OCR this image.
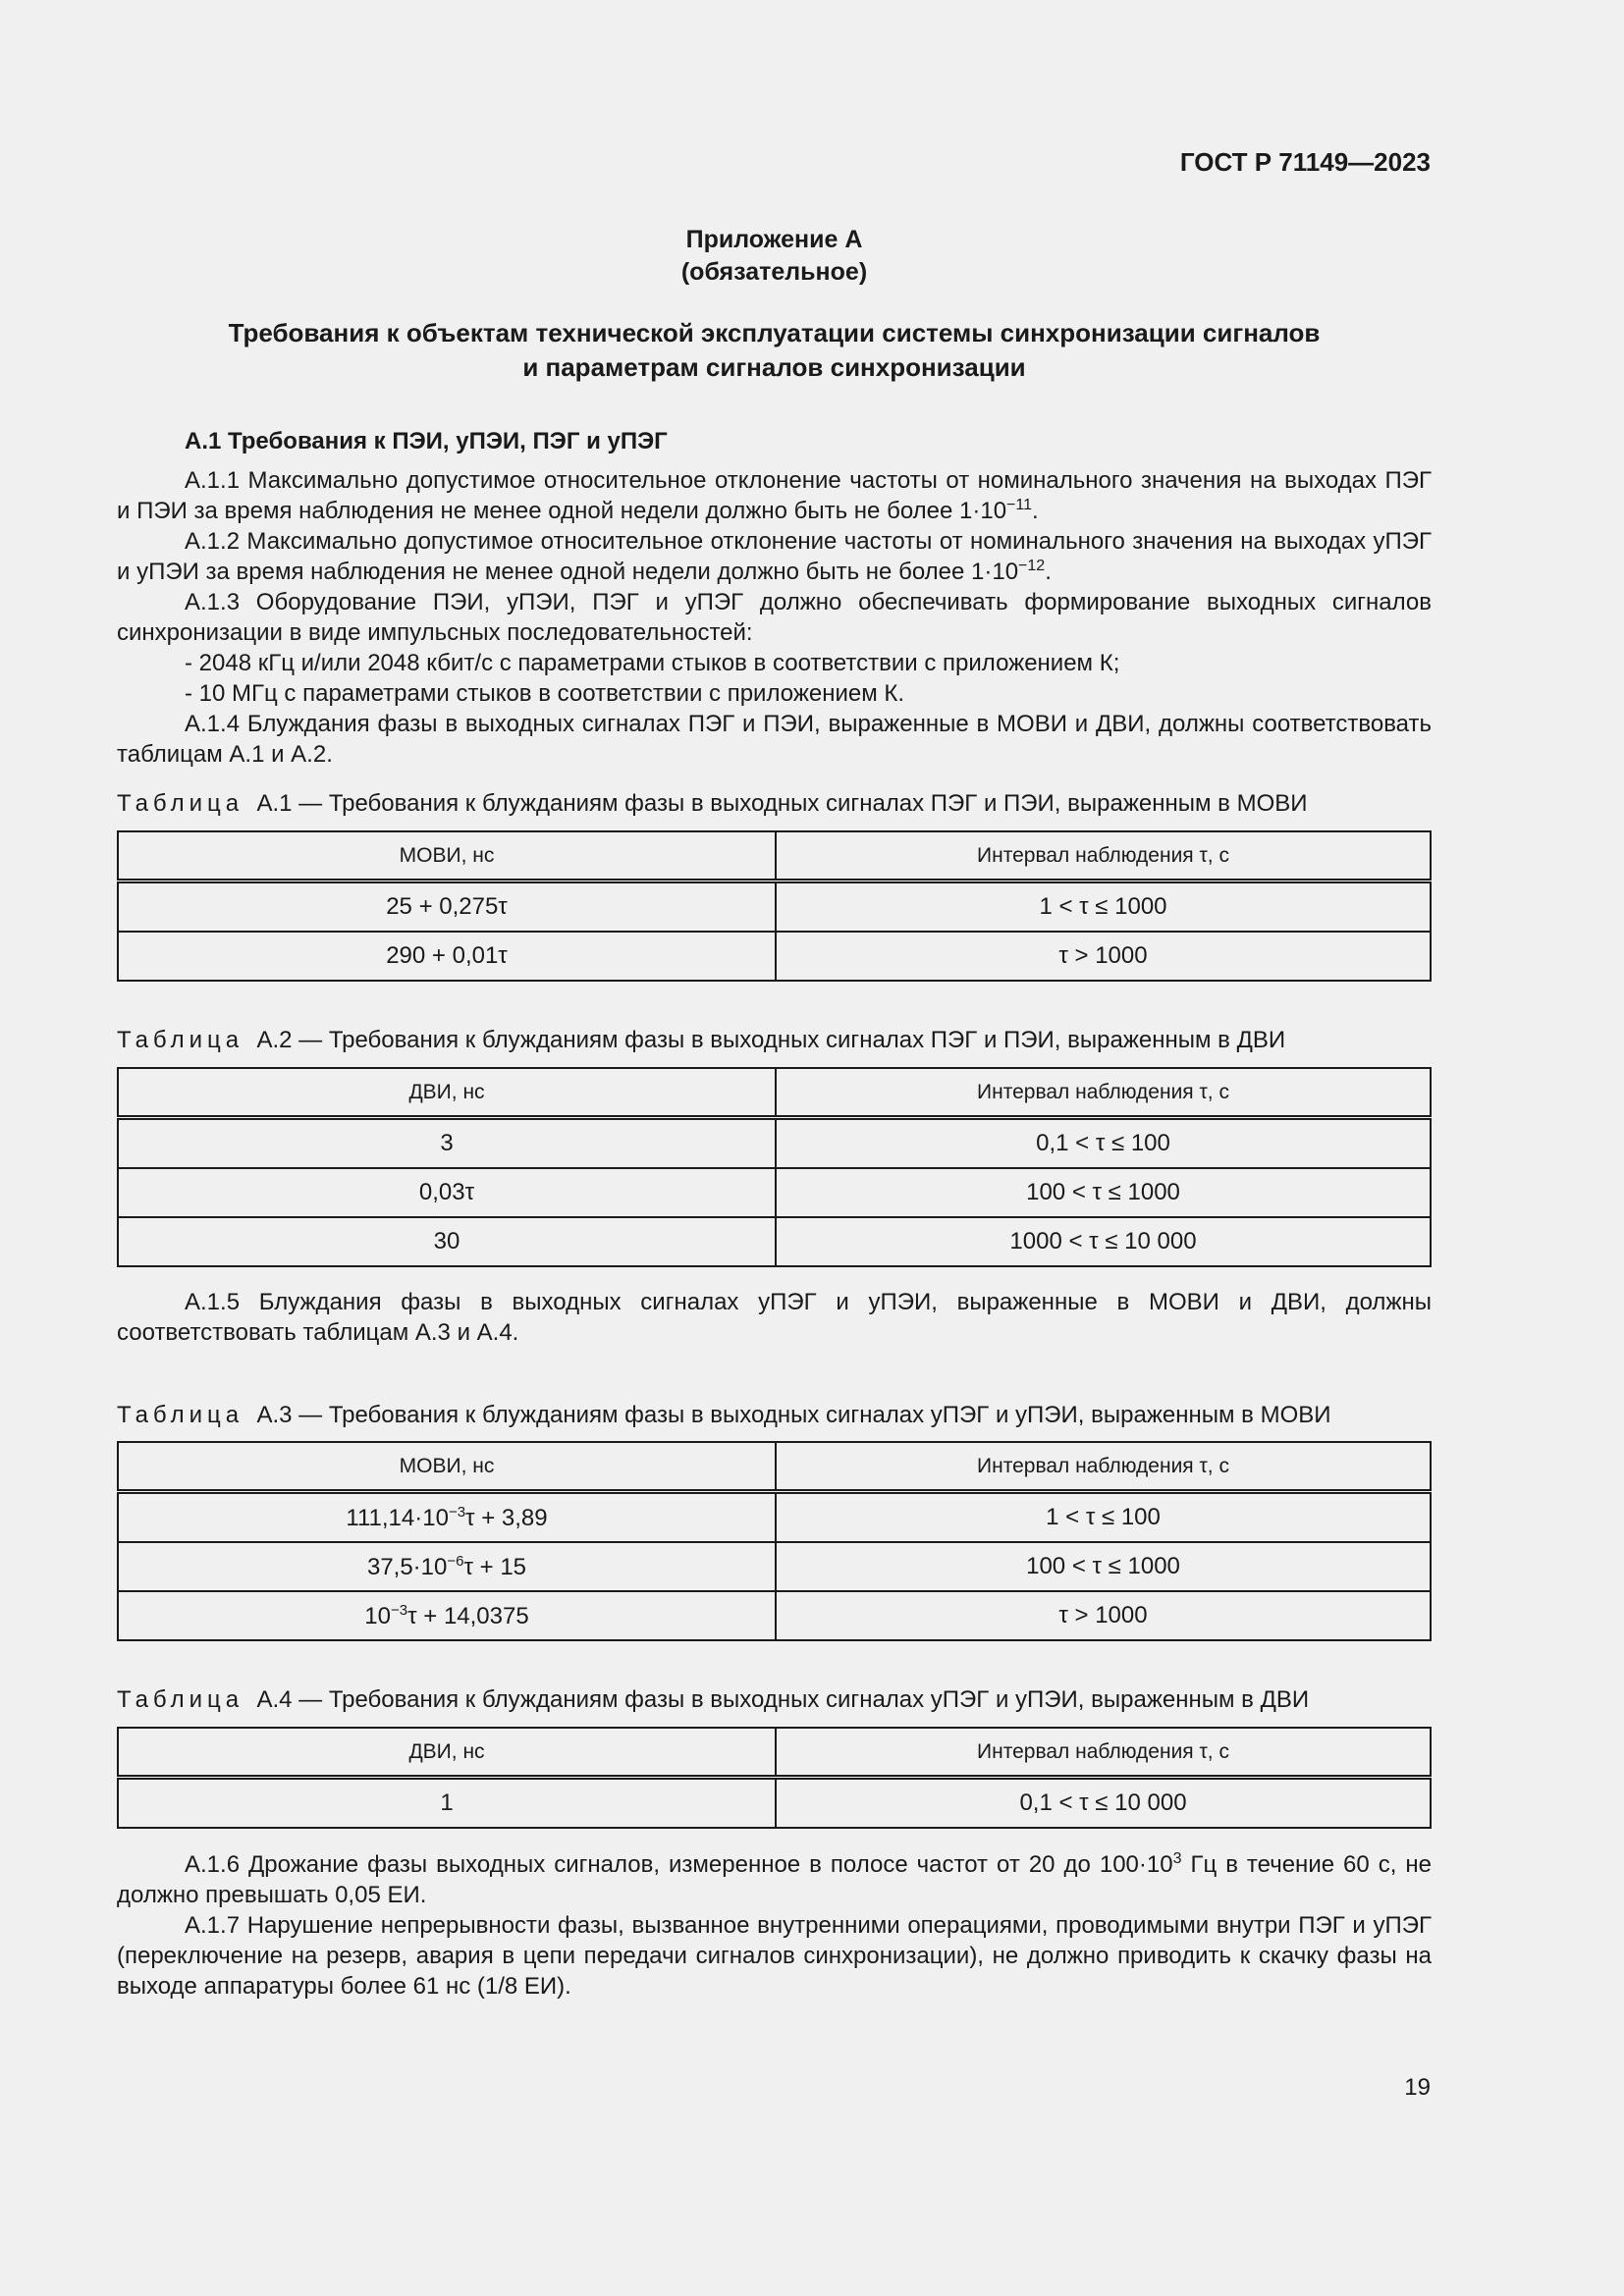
ГОСТ Р 71149—2023
Приложение А
(обязательное)
Требования к объектам технической эксплуатации системы синхронизации сигналов
и параметрам сигналов синхронизации
А.1 Требования к ПЭИ, уПЭИ, ПЭГ и уПЭГ
А.1.1 Максимально допустимое относительное отклонение частоты от номинального значения на выходах ПЭГ и ПЭИ за время наблюдения не менее одной недели должно быть не более $1\cdot 10^{-11}$.
А.1.2 Максимально допустимое относительное отклонение частоты от номинального значения на выходах уПЭГ и уПЭИ за время наблюдения не менее одной недели должно быть не более $1\cdot 10^{-12}$.
А.1.3 Оборудование ПЭИ, уПЭИ, ПЭГ и уПЭГ должно обеспечивать формирование выходных сигналов синхронизации в виде импульсных последовательностей:
- 2048 кГц и/или 2048 кбит/с с параметрами стыков в соответствии с приложением К;
- 10 МГц с параметрами стыков в соответствии с приложением К.
А.1.4 Блуждания фазы в выходных сигналах ПЭГ и ПЭИ, выраженные в МОВИ и ДВИ, должны соответствовать таблицам А.1 и А.2.
Таблица А.1 — Требования к блужданиям фазы в выходных сигналах ПЭГ и ПЭИ, выраженным в МОВИ
МОВИ, нс	Интервал наблюдения τ, с
25 + 0,275τ	1 < τ ≤ 1000
290 + 0,01τ	τ > 1000
Таблица А.2 — Требования к блужданиям фазы в выходных сигналах ПЭГ и ПЭИ, выраженным в ДВИ
ДВИ, нс	Интервал наблюдения τ, с
3	0,1 < τ ≤ 100
0,03τ	100 < τ ≤ 1000
30	1000 < τ ≤ 10 000
А.1.5 Блуждания фазы в выходных сигналах уПЭГ и уПЭИ, выраженные в МОВИ и ДВИ, должны соответствовать таблицам А.3 и А.4.
Таблица А.3 — Требования к блужданиям фазы в выходных сигналах уПЭГ и уПЭИ, выраженным в МОВИ
МОВИ, нс	Интервал наблюдения τ, с
$111,14\cdot 10^{-3}\tau + 3,89$	1 < τ ≤ 100
$37,5\cdot 10^{-6}\tau + 15$	100 < τ ≤ 1000
$10^{-3}\tau + 14,0375$	τ > 1000
Таблица А.4 — Требования к блужданиям фазы в выходных сигналах уПЭГ и уПЭИ, выраженным в ДВИ
ДВИ, нс	Интервал наблюдения τ, с
1	0,1 < τ ≤ 10 000
А.1.6 Дрожание фазы выходных сигналов, измеренное в полосе частот от 20 до $100\cdot 10^3$ Гц в течение 60 с, не должно превышать 0,05 ЕИ.
А.1.7 Нарушение непрерывности фазы, вызванное внутренними операциями, проводимыми внутри ПЭГ и уПЭГ (переключение на резерв, авария в цепи передачи сигналов синхронизации), не должно приводить к скачку фазы на выходе аппаратуры более 61 нс (1/8 ЕИ).
19
